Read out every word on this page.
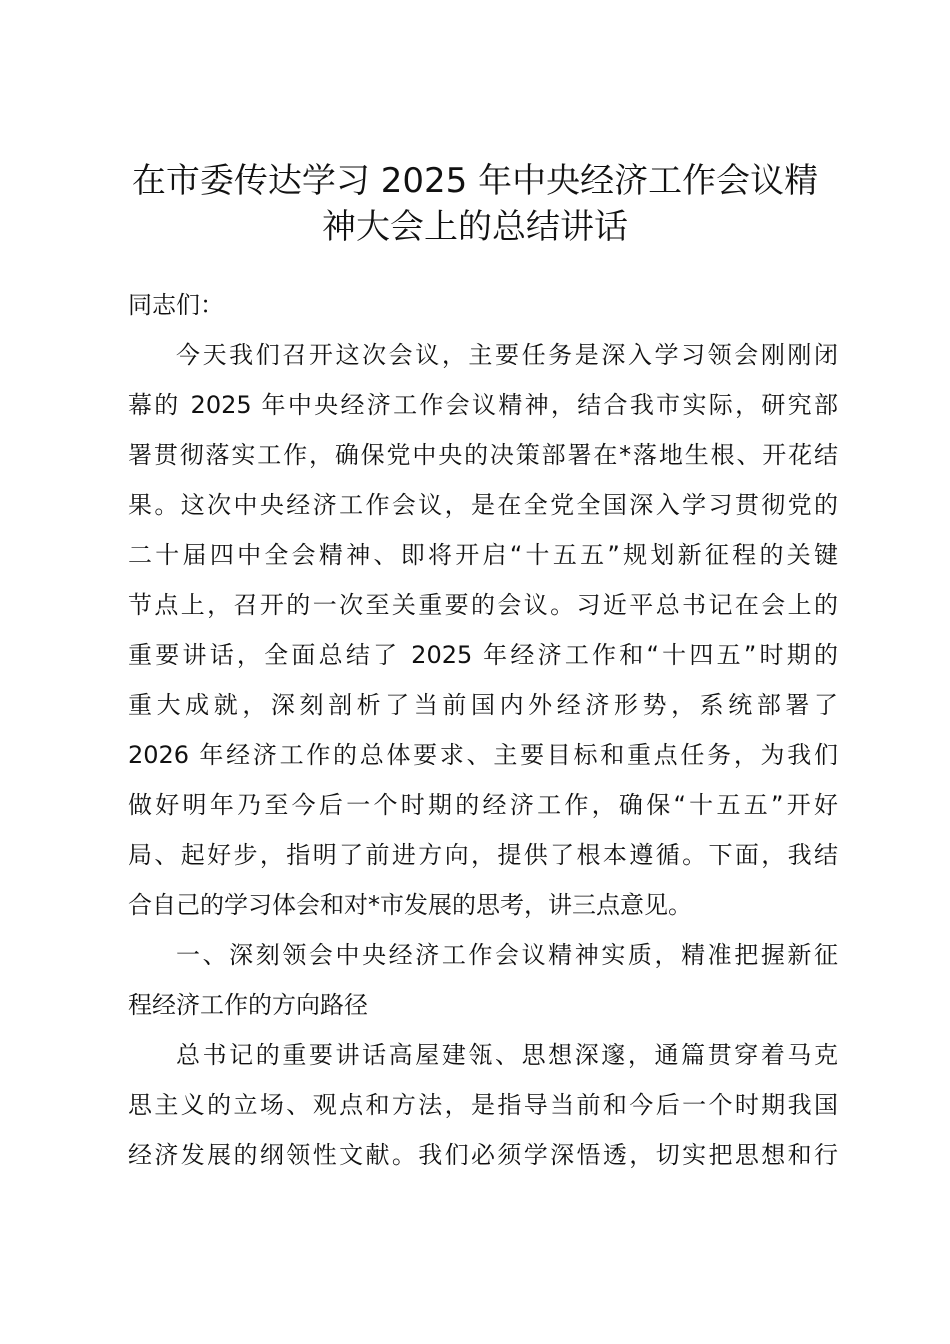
在市委传达学习 2025 年中央经济工作会议精
神大会上的总结讲话

同志们：

今天我们召开这次会议，主要任务是深入学习领会刚刚闭

幕的 2025 年中央经济工作会议精神，结合我市实际，研究部

署贯彻落实工作，确保党中央的决策部署在*落地生根、开花结

果。这次中央经济工作会议，是在全党全国深入学习贯彻党的

二十届四中全会精神、即将开启“十五五”规划新征程的关键

节点上，召开的一次至关重要的会议。习近平总书记在会上的

重要讲话，全面总结了 2025 年经济工作和“十四五”时期的

重大成就，深刻剖析了当前国内外经济形势，系统部署了

2026 年经济工作的总体要求、主要目标和重点任务，为我们

做好明年乃至今后一个时期的经济工作，确保“十五五”开好

局、起好步，指明了前进方向，提供了根本遵循。下面，我结

合自己的学习体会和对*市发展的思考，讲三点意见。

一、深刻领会中央经济工作会议精神实质，精准把握新征

程经济工作的方向路径

总书记的重要讲话高屋建瓴、思想深邃，通篇贯穿着马克

思主义的立场、观点和方法，是指导当前和今后一个时期我国

经济发展的纲领性文献。我们必须学深悟透，切实把思想和行
